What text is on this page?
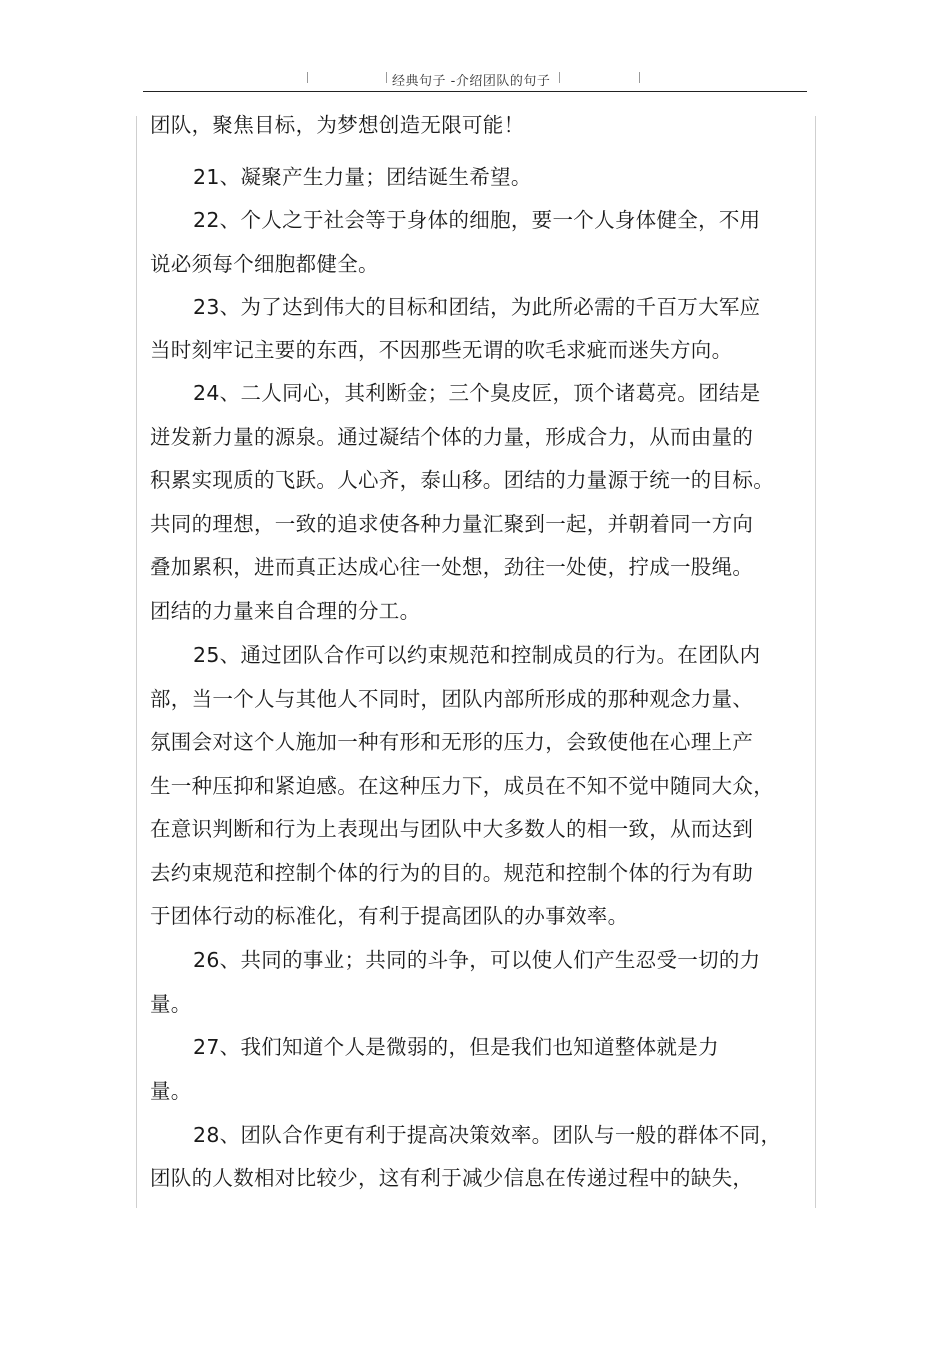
经典句子 -介绍团队的句子
团队，聚焦目标，为梦想创造无限可能！
21、凝聚产生力量；团结诞生希望。
22、个人之于社会等于身体的细胞，要一个人身体健全，不用
说必须每个细胞都健全。
23、为了达到伟大的目标和团结，为此所必需的千百万大军应
当时刻牢记主要的东西，不因那些无谓的吹毛求疵而迷失方向。
24、二人同心，其利断金；三个臭皮匠，顶个诸葛亮。团结是
迸发新力量的源泉。通过凝结个体的力量，形成合力，从而由量的
积累实现质的飞跃。人心齐，泰山移。团结的力量源于统一的目标。
共同的理想，一致的追求使各种力量汇聚到一起，并朝着同一方向
叠加累积，进而真正达成心往一处想，劲往一处使，拧成一股绳。
团结的力量来自合理的分工。
25、通过团队合作可以约束规范和控制成员的行为。在团队内
部，当一个人与其他人不同时，团队内部所形成的那种观念力量、
氛围会对这个人施加一种有形和无形的压力，会致使他在心理上产
生一种压抑和紧迫感。在这种压力下，成员在不知不觉中随同大众，
在意识判断和行为上表现出与团队中大多数人的相一致，从而达到
去约束规范和控制个体的行为的目的。规范和控制个体的行为有助
于团体行动的标准化，有利于提高团队的办事效率。
26、共同的事业；共同的斗争，可以使人们产生忍受一切的力
量。
27、我们知道个人是微弱的，但是我们也知道整体就是力
量。
28、团队合作更有利于提高决策效率。团队与一般的群体不同，
团队的人数相对比较少，这有利于减少信息在传递过程中的缺失，
